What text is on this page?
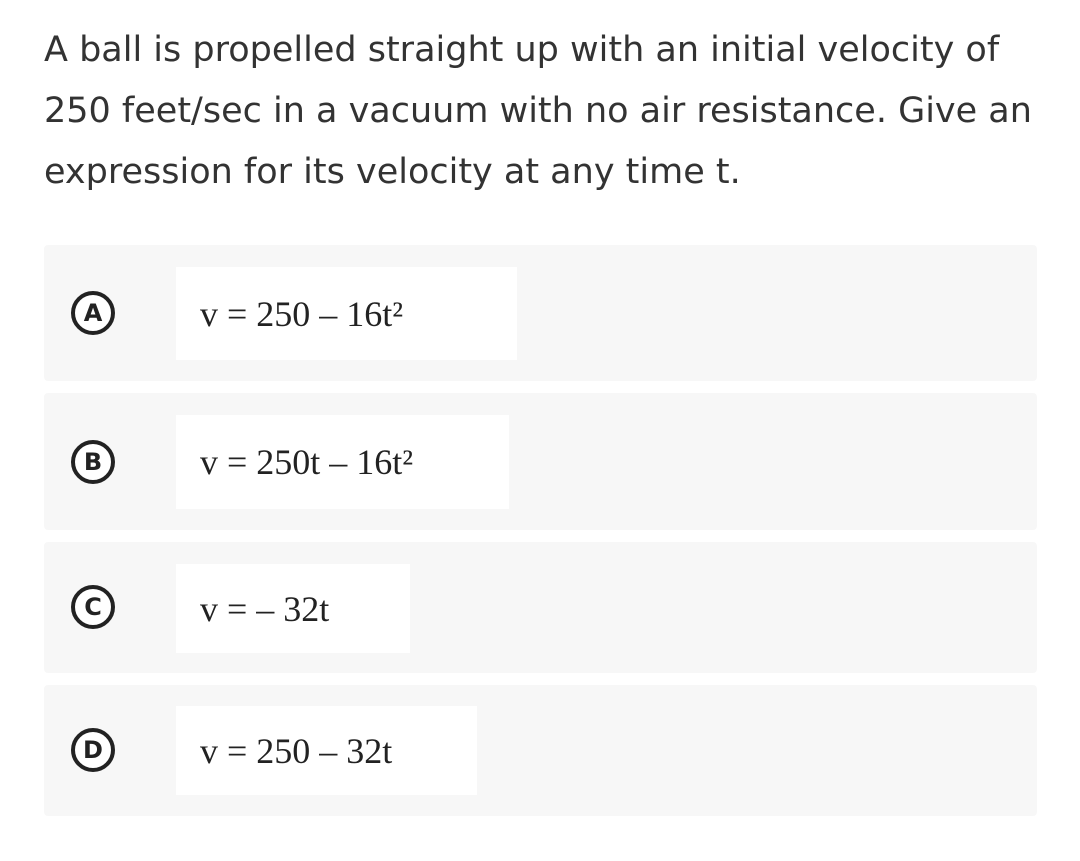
A ball is propelled straight up with an initial velocity of 250 feet/sec in a vacuum with no air resistance. Give an expression for its velocity at any time t.

A	v = 250 – 16t²
B	v = 250t – 16t²
C	v = – 32t
D	v = 250 – 32t
